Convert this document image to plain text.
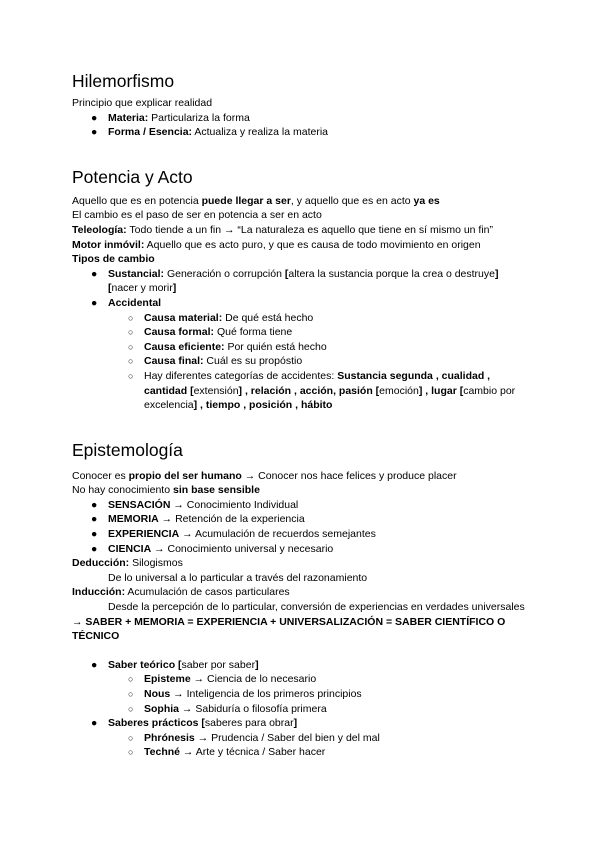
Hilemorfismo

Principio que explicar realidad

● Materia: Particulariza la forma
● Forma / Esencia: Actualiza y realiza la materia
Potencia y Acto

Aquello que es en potencia puede llegar a ser, y aquello que es en acto ya es

El cambio es el paso de ser en potencia a ser en acto

Teleología: Todo tiende a un fin → “La naturaleza es aquello que tiene en sí mismo un fin”

Motor inmóvil: Aquello que es acto puro, y que es causa de todo movimiento en origen

Tipos de cambio

● Sustancial: Generación o corrupción [altera la sustancia porque la crea o destruye][nacer y morir]
● Accidental
○ Causa material: De qué está hecho
○ Causa formal: Qué forma tiene
○ Causa eficiente: Por quién está hecho
○ Causa final: Cuál es su propóstio
○ Hay diferentes categorías de accidentes: Sustancia segunda , cualidad , cantidad [extensión] , relación , acción, pasión [emoción] , lugar [cambio por excelencia] , tiempo , posición , hábito
Epistemología

Conocer es propio del ser humano → Conocer nos hace felices y produce placer

No hay conocimiento sin base sensible

● SENSACIÓN → Conocimiento Individual
● MEMORIA → Retención de la experiencia
● EXPERIENCIA → Acumulación de recuerdos semejantes
● CIENCIA → Conocimiento universal y necesario

Deducción: Silogismos

De lo universal a lo particular a través del razonamiento

Inducción: Acumulación de casos particulares

Desde la percepción de lo particular, conversión de experiencias en verdades universales → SABER + MEMORIA = EXPERIENCIA + UNIVERSALIZACIÓN = SABER CIENTÍFICO O TÉCNICO

● Saber teórico [saber por saber]
○ Episteme → Ciencia de lo necesario
○ Nous → Inteligencia de los primeros principios
○ Sophia → Sabiduría o filosofía primera
● Saberes prácticos [saberes para obrar]
○ Phrónesis → Prudencia / Saber del bien y del mal
○ Techné → Arte y técnica / Saber hacer
